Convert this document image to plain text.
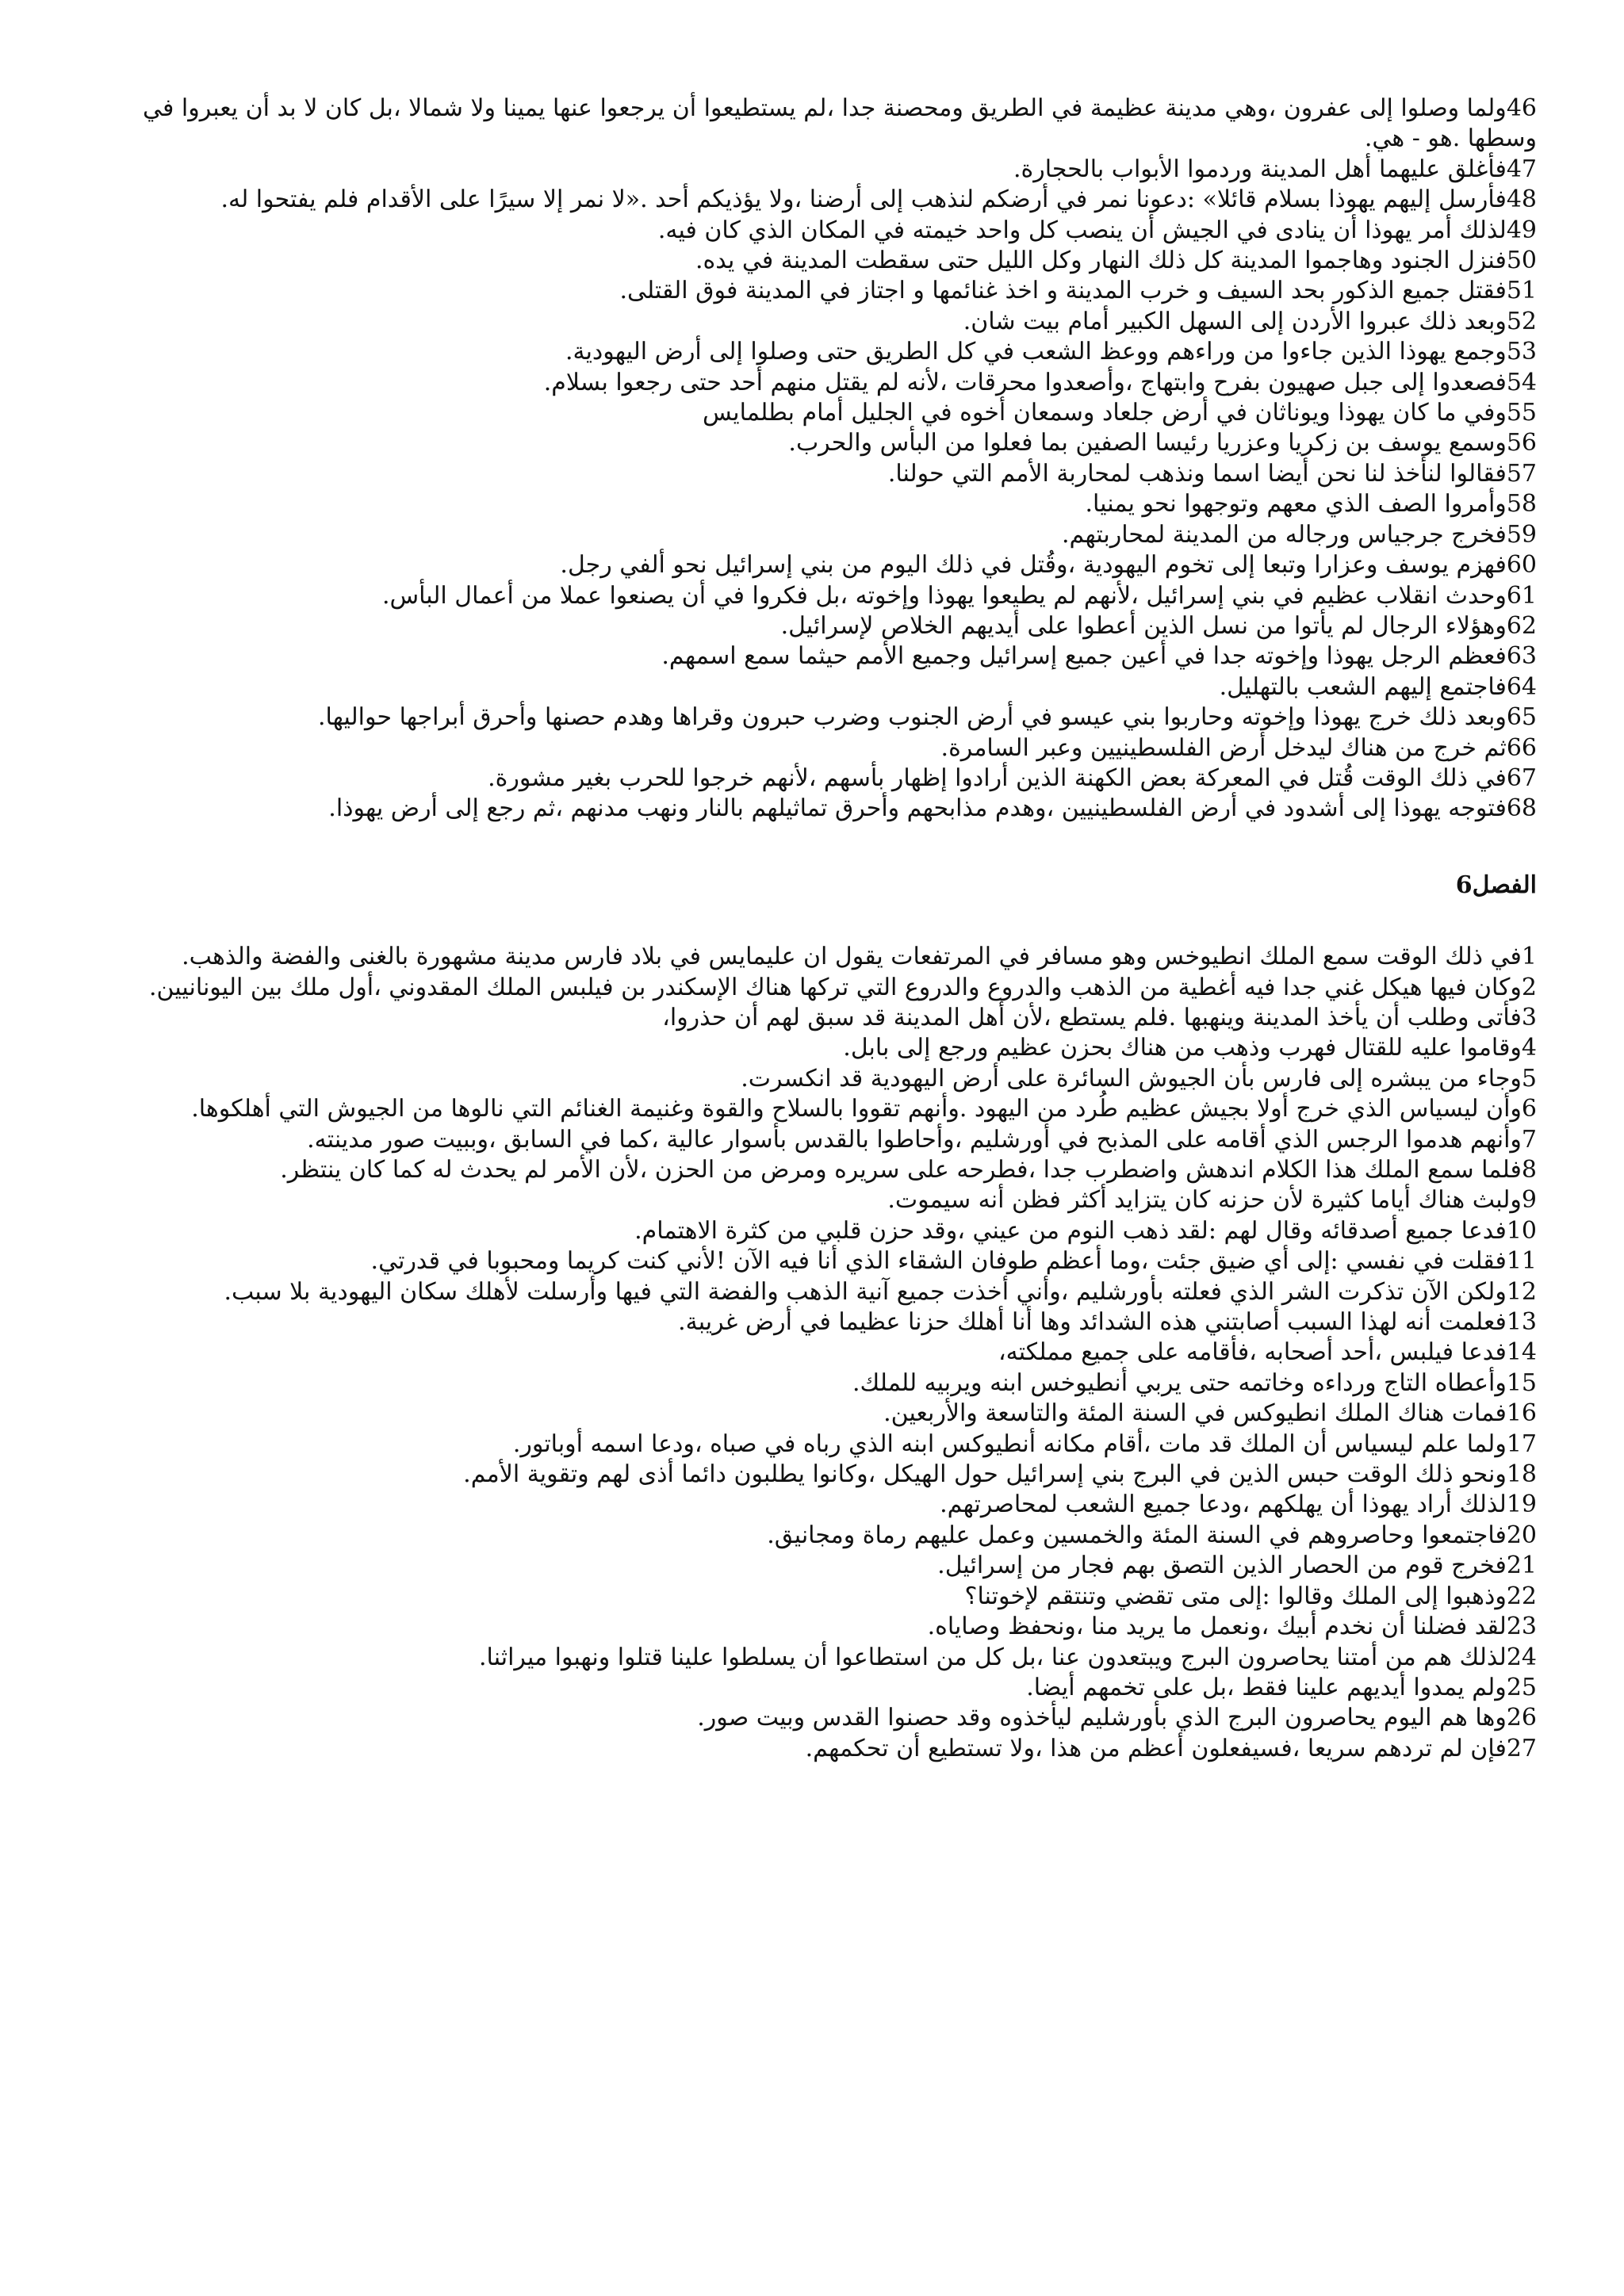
46ولما وصلوا إلى عفرون ،وهي مدينة عظيمة في الطريق ومحصنة جدا ،لم يستطيعوا أن يرجعوا عنها يمينا ولا شمالا ،بل كان لا بد أن يعبروا في وسطها .هو - هي.

47فأغلق عليهما أهل المدينة وردموا الأبواب بالحجارة.

48فأرسل إليهم يهوذا بسلام قائلا» :دعونا نمر في أرضكم لنذهب إلى أرضنا ،ولا يؤذيكم أحد .«لا نمر إلا سيرًا على الأقدام فلم يفتحوا له.

49لذلك أمر يهوذا أن ينادى في الجيش أن ينصب كل واحد خيمته في المكان الذي كان فيه.

50فنزل الجنود وهاجموا المدينة كل ذلك النهار وكل الليل حتى سقطت المدينة في يده.

51فقتل جميع الذكور بحد السيف و خرب المدينة و اخذ غنائمها و اجتاز في المدينة فوق القتلى.

52وبعد ذلك عبروا الأردن إلى السهل الكبير أمام بيت شان.

53وجمع يهوذا الذين جاءوا من وراءهم ووعظ الشعب في كل الطريق حتى وصلوا إلى أرض اليهودية.

54فصعدوا إلى جبل صهيون بفرح وابتهاج ،وأصعدوا محرقات ،لأنه لم يقتل منهم أحد حتى رجعوا بسلام.

55وفي ما كان يهوذا ويوناثان في أرض جلعاد وسمعان أخوه في الجليل أمام بطلمايس

56وسمع يوسف بن زكريا وعزريا رئيسا الصفين بما فعلوا من البأس والحرب.

57فقالوا لنأخذ لنا نحن أيضا اسما ونذهب لمحاربة الأمم التي حولنا.

58وأمروا الصف الذي معهم وتوجهوا نحو يمنيا.

59فخرج جرجياس ورجاله من المدينة لمحاربتهم.

60فهزم يوسف وعزارا وتبعا إلى تخوم اليهودية ،وقُتل في ذلك اليوم من بني إسرائيل نحو ألفي رجل.

61وحدث انقلاب عظيم في بني إسرائيل ،لأنهم لم يطيعوا يهوذا وإخوته ،بل فكروا في أن يصنعوا عملا من أعمال البأس.

62وهؤلاء الرجال لم يأتوا من نسل الذين أعطوا على أيديهم الخلاص لإسرائيل.

63فعظم الرجل يهوذا وإخوته جدا في أعين جميع إسرائيل وجميع الأمم حيثما سمع اسمهم.

64فاجتمع إليهم الشعب بالتهليل.

65وبعد ذلك خرج يهوذا وإخوته وحاربوا بني عيسو في أرض الجنوب وضرب حبرون وقراها وهدم حصنها وأحرق أبراجها حواليها.

66ثم خرج من هناك ليدخل أرض الفلسطينيين وعبر السامرة.

67في ذلك الوقت قُتل في المعركة بعض الكهنة الذين أرادوا إظهار بأسهم ،لأنهم خرجوا للحرب بغير مشورة.

68فتوجه يهوذا إلى أشدود في أرض الفلسطينيين ،وهدم مذابحهم وأحرق تماثيلهم بالنار ونهب مدنهم ،ثم رجع إلى أرض يهوذا.

الفصل6

1في ذلك الوقت سمع الملك انطيوخس وهو مسافر في المرتفعات يقول ان عليمايس في بلاد فارس مدينة مشهورة بالغنى والفضة والذهب.

2وكان فيها هيكل غني جدا فيه أغطية من الذهب والدروع والدروع التي تركها هناك الإسكندر بن فيلبس الملك المقدوني ،أول ملك بين اليونانيين.

3فأتى وطلب أن يأخذ المدينة وينهبها .فلم يستطع ،لأن أهل المدينة قد سبق لهم أن حذروا،

4وقاموا عليه للقتال فهرب وذهب من هناك بحزن عظيم ورجع إلى بابل.

5وجاء من يبشره إلى فارس بأن الجيوش السائرة على أرض اليهودية قد انكسرت.

6وأن ليسياس الذي خرج أولا بجيش عظيم طُرد من اليهود .وأنهم تقووا بالسلاح والقوة وغنيمة الغنائم التي نالوها من الجيوش التي أهلكوها.

7وأنهم هدموا الرجس الذي أقامه على المذبح في أورشليم ،وأحاطوا بالقدس بأسوار عالية ،كما في السابق ،وببيت صور مدينته.

8فلما سمع الملك هذا الكلام اندهش واضطرب جدا ،فطرحه على سريره ومرض من الحزن ،لأن الأمر لم يحدث له كما كان ينتظر.

9ولبث هناك أياما كثيرة لأن حزنه كان يتزايد أكثر فظن أنه سيموت.

10فدعا جميع أصدقائه وقال لهم :لقد ذهب النوم من عيني ،وقد حزن قلبي من كثرة الاهتمام.

11فقلت في نفسي :إلى أي ضيق جئت ،وما أعظم طوفان الشقاء الذي أنا فيه الآن !لأني كنت كريما ومحبوبا في قدرتي.

12ولكن الآن تذكرت الشر الذي فعلته بأورشليم ،وأني أخذت جميع آنية الذهب والفضة التي فيها وأرسلت لأهلك سكان اليهودية بلا سبب.

13فعلمت أنه لهذا السبب أصابتني هذه الشدائد وها أنا أهلك حزنا عظيما في أرض غريبة.

14فدعا فيلبس ،أحد أصحابه ،فأقامه على جميع مملكته،

15وأعطاه التاج ورداءه وخاتمه حتى يربي أنطيوخس ابنه ويربيه للملك.

16فمات هناك الملك انطيوكس في السنة المئة والتاسعة والأربعين.

17ولما علم ليسياس أن الملك قد مات ،أقام مكانه أنطيوكس ابنه الذي رباه في صباه ،ودعا اسمه أوباتور.

18ونحو ذلك الوقت حبس الذين في البرج بني إسرائيل حول الهيكل ،وكانوا يطلبون دائما أذى لهم وتقوية الأمم.

19لذلك أراد يهوذا أن يهلكهم ،ودعا جميع الشعب لمحاصرتهم.

20فاجتمعوا وحاصروهم في السنة المئة والخمسين وعمل عليهم رماة ومجانيق.

21فخرج قوم من الحصار الذين التصق بهم فجار من إسرائيل.

22وذهبوا إلى الملك وقالوا :إلى متى تقضي وتنتقم لإخوتنا؟

23لقد فضلنا أن نخدم أبيك ،ونعمل ما يريد منا ،ونحفظ وصاياه.

24لذلك هم من أمتنا يحاصرون البرج ويبتعدون عنا ،بل كل من استطاعوا أن يسلطوا علينا قتلوا ونهبوا ميراثنا.

25ولم يمدوا أيديهم علينا فقط ،بل على تخمهم أيضا.

26وها هم اليوم يحاصرون البرج الذي بأورشليم ليأخذوه وقد حصنوا القدس وبيت صور.

27فإن لم تردهم سريعا ،فسيفعلون أعظم من هذا ،ولا تستطيع أن تحكمهم.
